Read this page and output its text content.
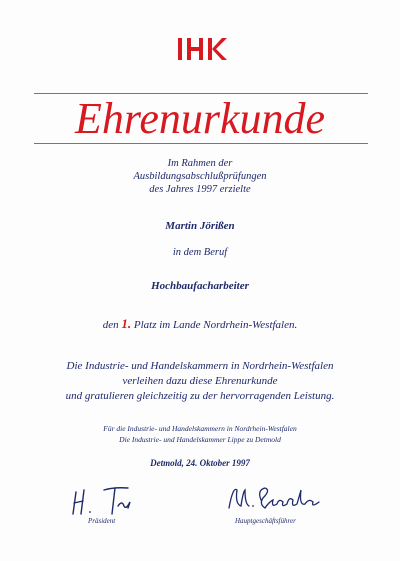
Ehrenurkunde
Im Rahmen der
Ausbildungsabschlußprüfungen
des Jahres 1997 erzielte
Martin Jörißen
in dem Beruf
Hochbaufacharbeiter
den 1. Platz im Lande Nordrhein-Westfalen.
Die Industrie- und Handelskammern in Nordrhein-Westfalen
verleihen dazu diese Ehrenurkunde
und gratulieren gleichzeitig zu der hervorragenden Leistung.
Für die Industrie- und Handelskammern in Nordrhein-Westfalen
Die Industrie- und Handelskammer Lippe zu Detmold
Detmold, 24. Oktober 1997
Präsident	Hauptgeschäftsführer
